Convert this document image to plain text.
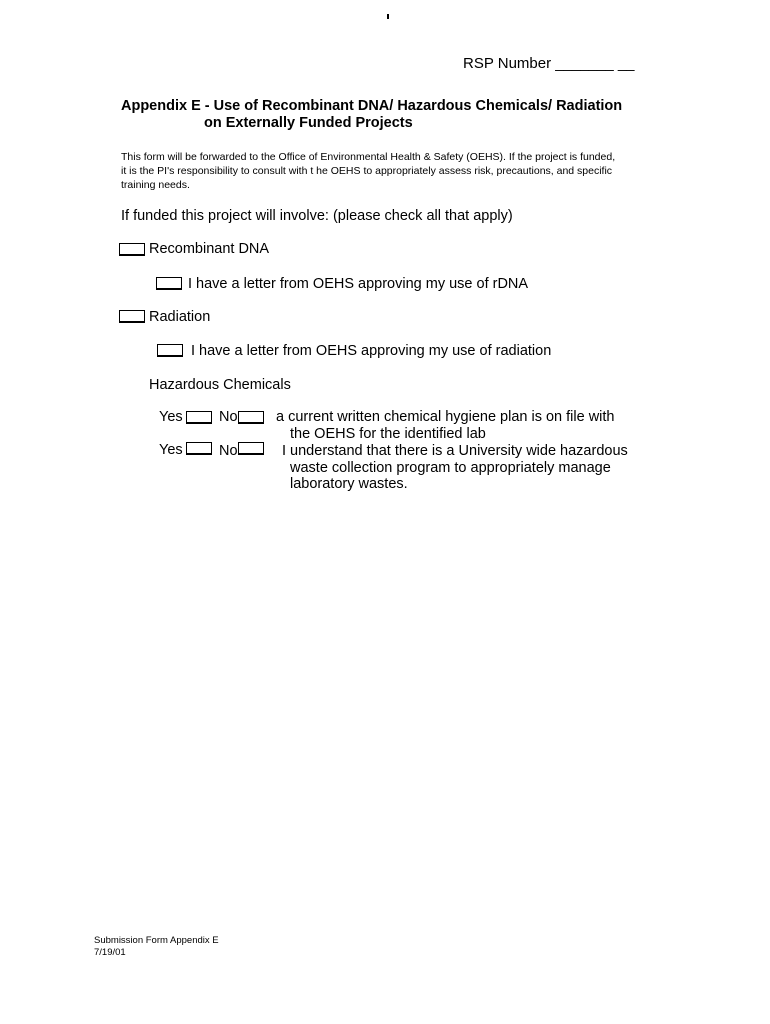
RSP Number _______ __
Appendix E - Use of Recombinant DNA/ Hazardous Chemicals/ Radiation
on Externally Funded Projects
This form will be forwarded to the Office of Environmental Health & Safety (OEHS). If the project is funded, it is the PI's responsibility to consult with t he OEHS to appropriately assess risk, precautions, and specific training needs.
If funded this project will involve: (please check all that apply)
Recombinant DNA
I have a letter from OEHS approving my use of rDNA
Radiation
I have a letter from OEHS approving my use of radiation
Hazardous Chemicals
Yes	No	a current written chemical hygiene plan is on file with
the OEHS for the identified lab
Yes	No	I understand that there is a University wide hazardous
waste collection program to appropriately manage
laboratory wastes.
Submission Form Appendix E
7/19/01
